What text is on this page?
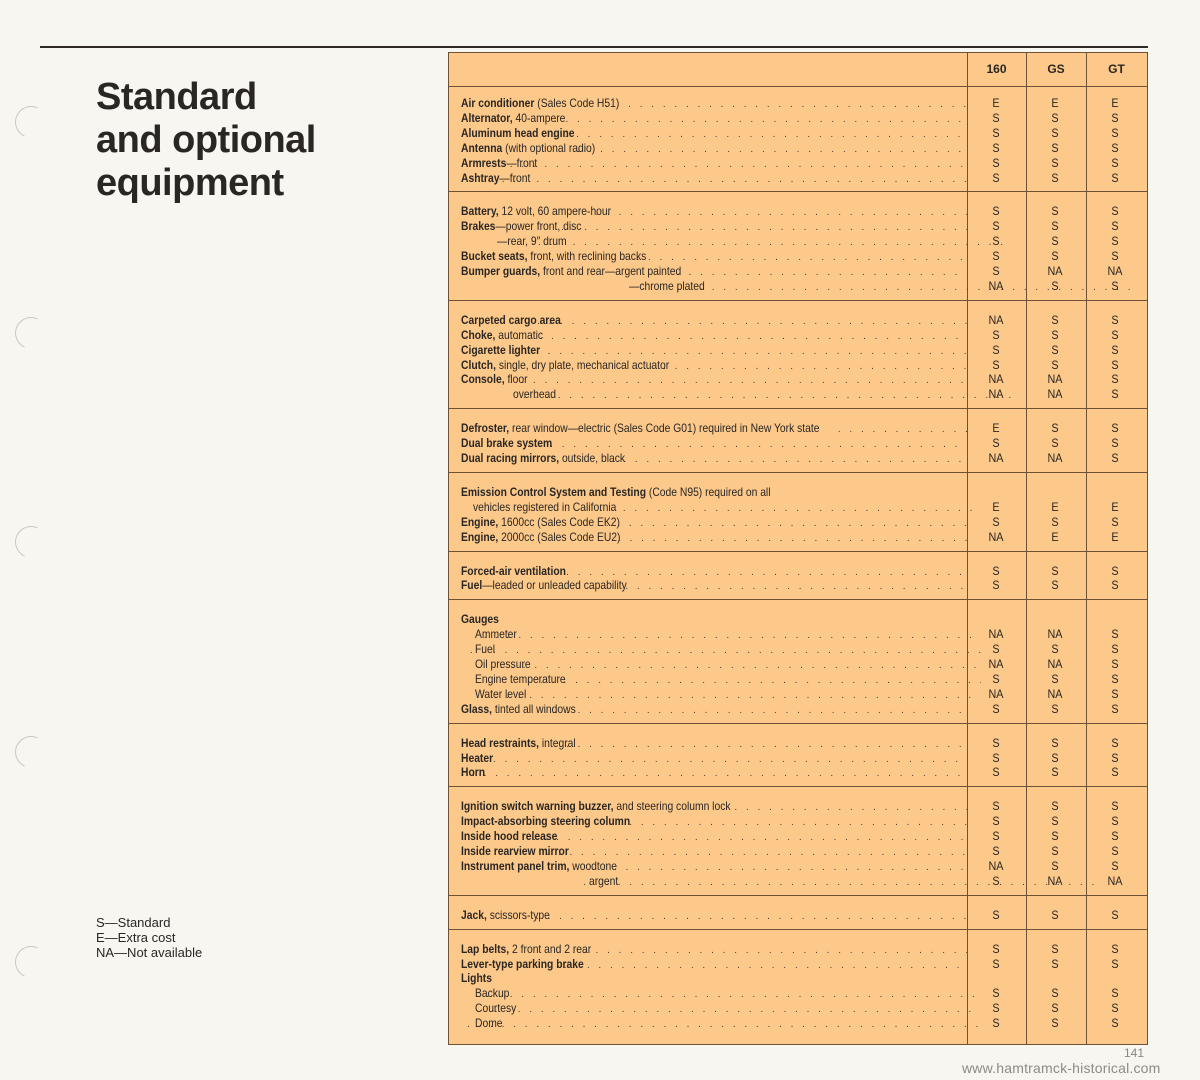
Standard
and optional
equipment
S—Standard
E—Extra cost
NA—Not available
160	GS	GT
Air conditioner (Sales Code H51) . . .	E	E	E
Alternator, 40-ampere . . .	S	S	S
Aluminum head engine . . .	S	S	S
Antenna (with optional radio) . . .	S	S	S
Armrests—front . . .	S	S	S
Ashtray—front . . .	S	S	S
Battery, 12 volt, 60 ampere-hour . . .	S	S	S
Brakes—power front, disc . . .	S	S	S
—rear, 9″ drum . . .	S	S	S
Bucket seats, front, with reclining backs . . .	S	S	S
Bumper guards, front and rear—argent painted . . .	S	NA	NA
—chrome plated . . .	NA	S	S
Carpeted cargo area . . .	NA	S	S
Choke, automatic . . .	S	S	S
Cigarette lighter . . .	S	S	S
Clutch, single, dry plate, mechanical actuator . . .	S	S	S
Console, floor . . .	NA	NA	S
overhead . . .	NA	NA	S
Defroster, rear window—electric (Sales Code G01) required in New York state . . .	E	S	S
Dual brake system . . .	S	S	S
Dual racing mirrors, outside, black . . .	NA	NA	S
Emission Control System and Testing (Code N95) required on all
vehicles registered in California . . .	E	E	E
Engine, 1600cc (Sales Code EK2) . . .	S	S	S
Engine, 2000cc (Sales Code EU2) . . .	NA	E	E
Forced-air ventilation . . .	S	S	S
Fuel—leaded or unleaded capability . . .	S	S	S
Gauges
Ammeter . . .	NA	NA	S
Fuel . . .	S	S	S
Oil pressure . . .	NA	NA	S
Engine temperature . . .	S	S	S
Water level . . .	NA	NA	S
Glass, tinted all windows . . .	S	S	S
Head restraints, integral . . .	S	S	S
Heater . . .	S	S	S
Horn . . .	S	S	S
Ignition switch warning buzzer, and steering column lock . . .	S	S	S
Impact-absorbing steering column . . .	S	S	S
Inside hood release . . .	S	S	S
Inside rearview mirror . . .	S	S	S
Instrument panel trim, woodtone . . .	NA	S	S
argent . . .	S	NA	NA
Jack, scissors-type . . .	S	S	S
Lap belts, 2 front and 2 rear . . .	S	S	S
Lever-type parking brake . . .	S	S	S
Lights
Backup . . .	S	S	S
Courtesy . . .	S	S	S
Dome . . .	S	S	S
141
www.hamtramck-historical.com
